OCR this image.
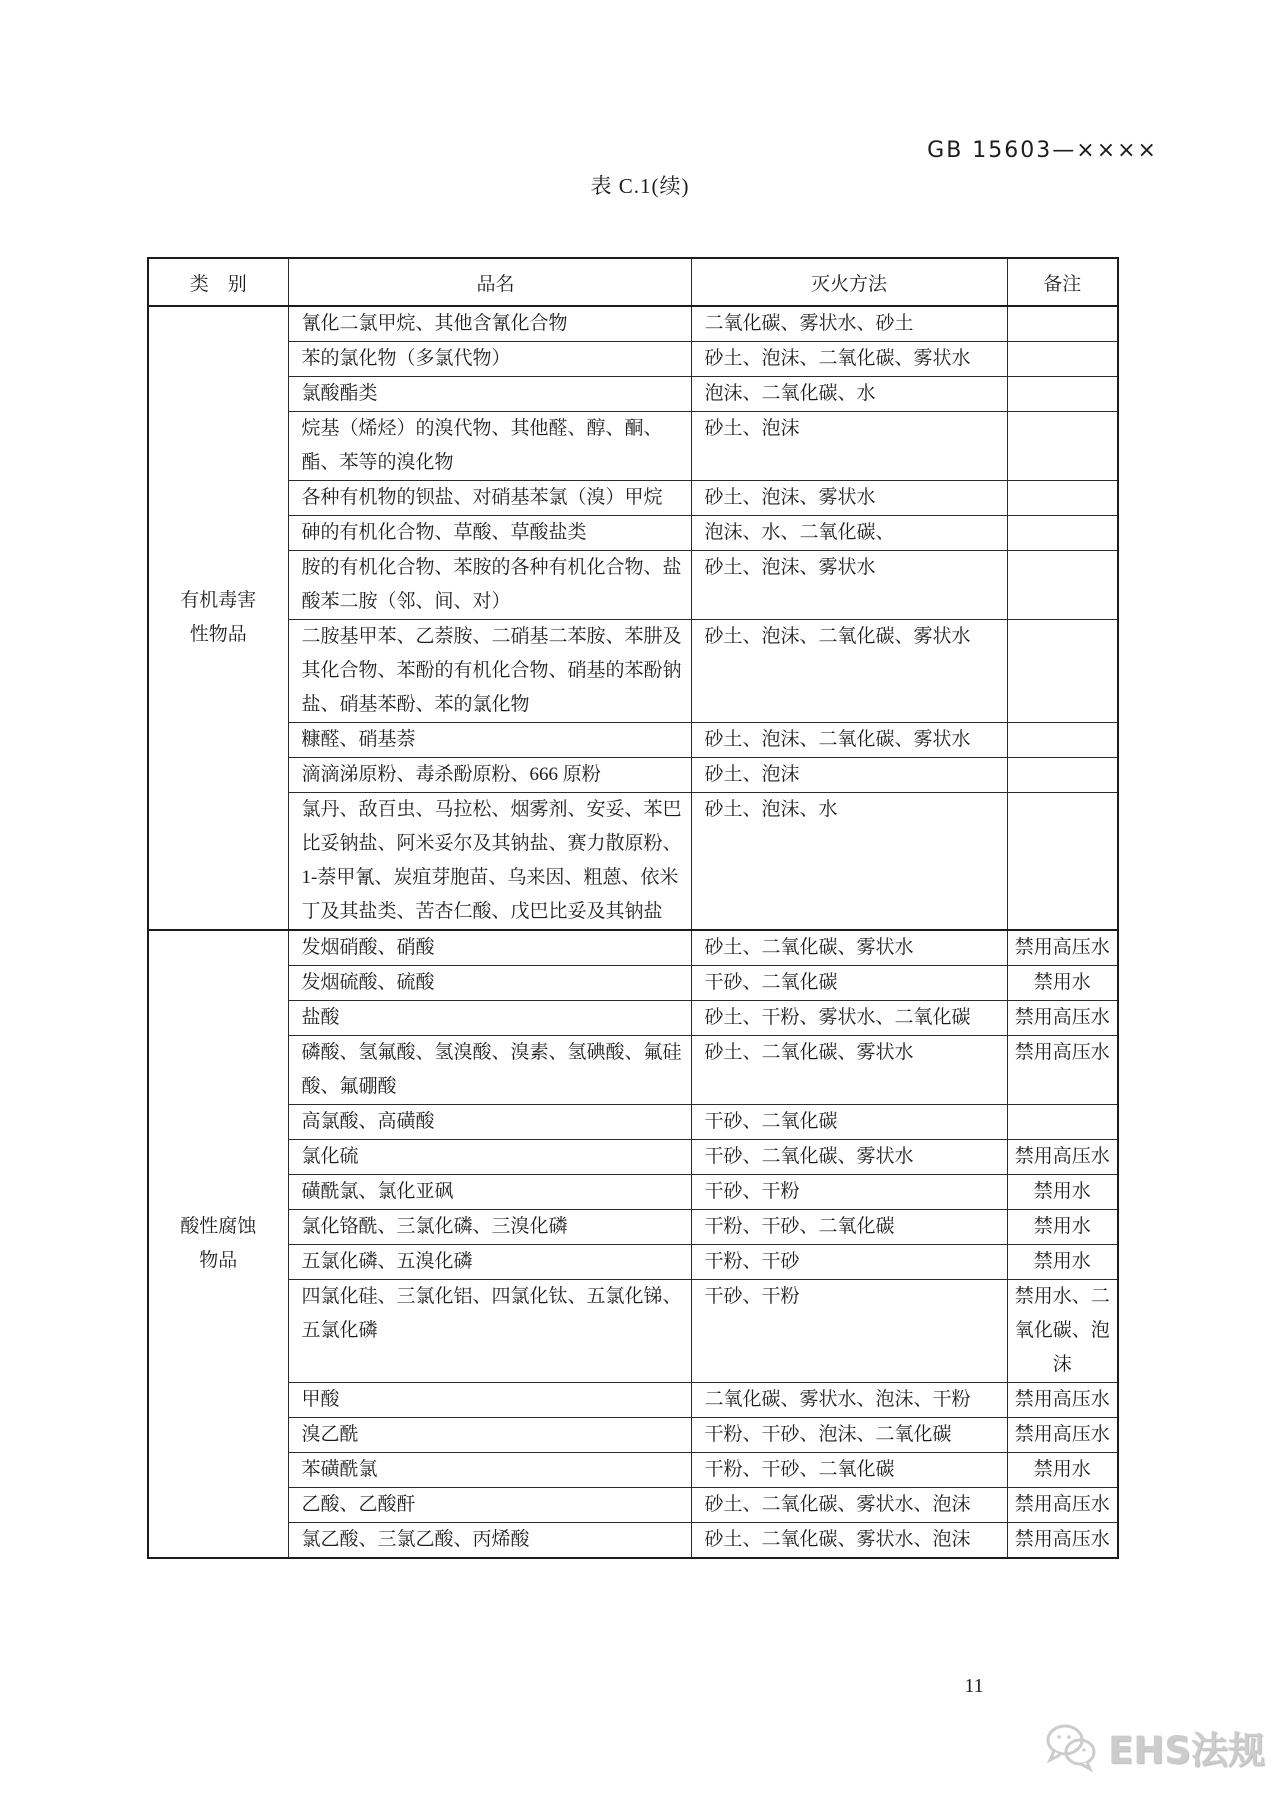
GB 15603—××××
表 C.1(续)
类　别	品名	灭火方法	备注

有机毒害
性物品	氰化二氯甲烷、其他含氰化合物	二氧化碳、雾状水、砂土	
	苯的氯化物（多氯代物）	砂土、泡沫、二氧化碳、雾状水	
	氯酸酯类	泡沫、二氧化碳、水	
	烷基（烯烃）的溴代物、其他醛、醇、酮、酯、苯等的溴化物	砂土、泡沫	
	各种有机物的钡盐、对硝基苯氯（溴）甲烷	砂土、泡沫、雾状水	
	砷的有机化合物、草酸、草酸盐类	泡沫、水、二氧化碳、	
	胺的有机化合物、苯胺的各种有机化合物、盐酸苯二胺（邻、间、对）	砂土、泡沫、雾状水	
	二胺基甲苯、乙萘胺、二硝基二苯胺、苯肼及其化合物、苯酚的有机化合物、硝基的苯酚钠盐、硝基苯酚、苯的氯化物	砂土、泡沫、二氧化碳、雾状水	
	糠醛、硝基萘	砂土、泡沫、二氧化碳、雾状水	
	滴滴涕原粉、毒杀酚原粉、666 原粉	砂土、泡沫	
	氯丹、敌百虫、马拉松、烟雾剂、安妥、苯巴比妥钠盐、阿米妥尔及其钠盐、赛力散原粉、1-萘甲氰、炭疽芽胞苗、乌来因、粗蒽、依米丁及其盐类、苦杏仁酸、戊巴比妥及其钠盐	砂土、泡沫、水	

酸性腐蚀
物品	发烟硝酸、硝酸	砂土、二氧化碳、雾状水	禁用高压水
	发烟硫酸、硫酸	干砂、二氧化碳	禁用水
	盐酸	砂土、干粉、雾状水、二氧化碳	禁用高压水
	磷酸、氢氟酸、氢溴酸、溴素、氢碘酸、氟硅酸、氟硼酸	砂土、二氧化碳、雾状水	禁用高压水
	高氯酸、高磺酸	干砂、二氧化碳	
	氯化硫	干砂、二氧化碳、雾状水	禁用高压水
	磺酰氯、氯化亚砜	干砂、干粉	禁用水
	氯化铬酰、三氯化磷、三溴化磷	干粉、干砂、二氧化碳	禁用水
	五氯化磷、五溴化磷	干粉、干砂	禁用水
	四氯化硅、三氯化铝、四氯化钛、五氯化锑、五氯化磷	干砂、干粉	禁用水、二氧化碳、泡沫
	甲酸	二氧化碳、雾状水、泡沫、干粉	禁用高压水
	溴乙酰	干粉、干砂、泡沫、二氧化碳	禁用高压水
	苯磺酰氯	干粉、干砂、二氧化碳	禁用水
	乙酸、乙酸酐	砂土、二氧化碳、雾状水、泡沫	禁用高压水
	氯乙酸、三氯乙酸、丙烯酸	砂土、二氧化碳、雾状水、泡沫	禁用高压水
11
EHS法规
